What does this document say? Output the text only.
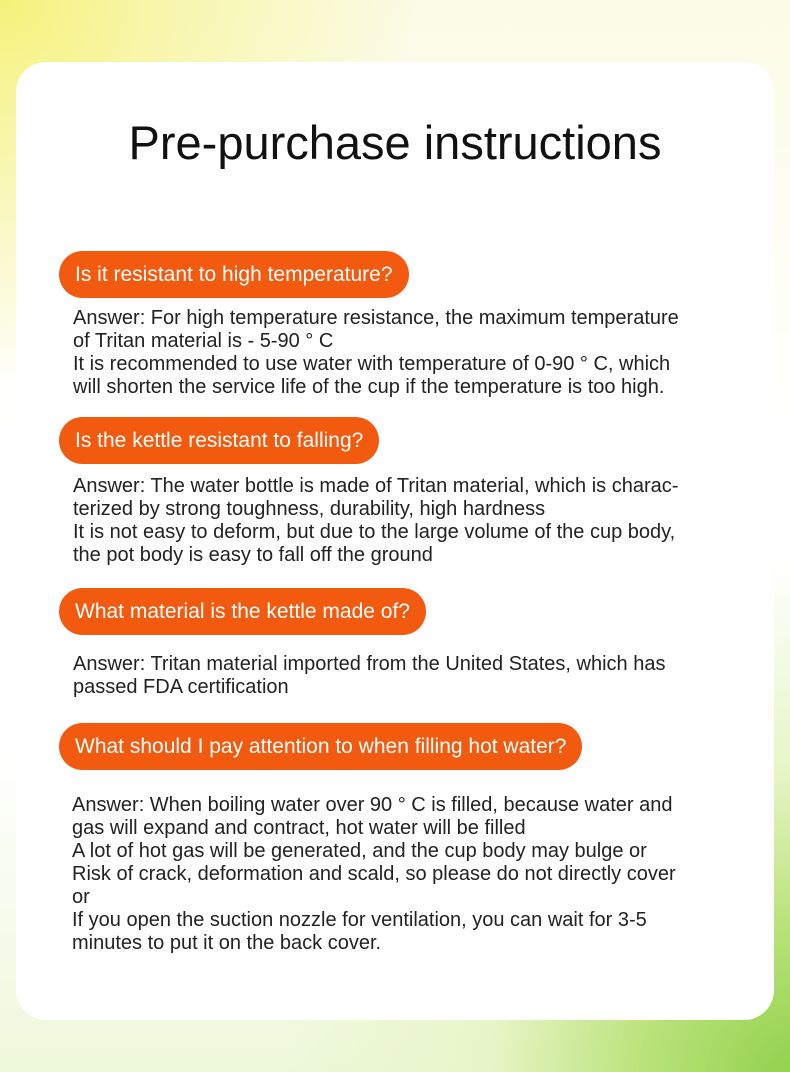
Pre-purchase instructions
Is it resistant to high temperature?

Answer: For high temperature resistance, the maximum temperature
of Tritan material is - 5-90 ° C
It is recommended to use water with temperature of 0-90 ° C, which
will shorten the service life of the cup if the temperature is too high.

Is the kettle resistant to falling?

Answer: The water bottle is made of Tritan material, which is charac-
terized by strong toughness, durability, high hardness
It is not easy to deform, but due to the large volume of the cup body,
the pot body is easy to fall off the ground

What material is the kettle made of?

Answer: Tritan material imported from the United States, which has
passed FDA certification

What should I pay attention to when filling hot water?

Answer: When boiling water over 90 ° C is filled, because water and
gas will expand and contract, hot water will be filled
A lot of hot gas will be generated, and the cup body may bulge or
Risk of crack, deformation and scald, so please do not directly cover
or
If you open the suction nozzle for ventilation, you can wait for 3-5
minutes to put it on the back cover.
